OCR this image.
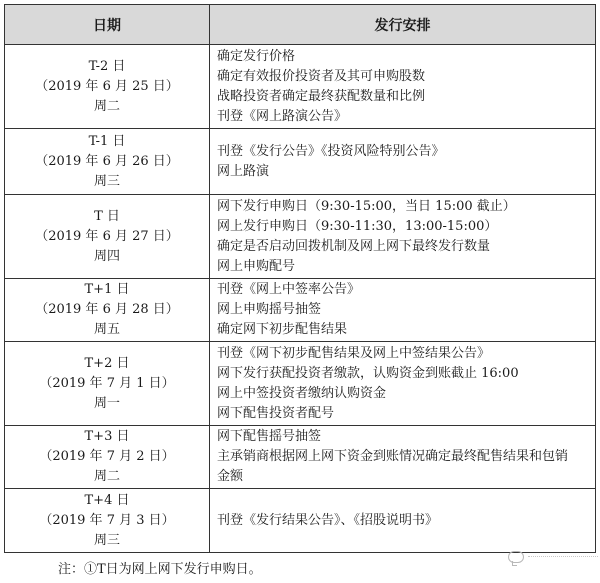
日期	发行安排

T-2 日
（2019 年 6 月 25 日）
周二	确定发行价格
确定有效报价投资者及其可申购股数
战略投资者确定最终获配数量和比例
刊登《网上路演公告》

T-1 日
（2019 年 6 月 26 日）
周三	刊登《发行公告》《投资风险特别公告》
网上路演

T 日
（2019 年 6 月 27 日）
周四	网下发行申购日（9:30-15:00，当日 15:00 截止）
网上发行申购日（9:30-11:30，13:00-15:00）
确定是否启动回拨机制及网上网下最终发行数量
网上申购配号

T+1 日
（2019 年 6 月 28 日）
周五	刊登《网上中签率公告》
网上申购摇号抽签
确定网下初步配售结果

T+2 日
（2019 年 7 月 1 日）
周一	刊登《网下初步配售结果及网上中签结果公告》
网下发行获配投资者缴款，认购资金到账截止 16:00
网上中签投资者缴纳认购资金
网下配售投资者配号

T+3 日
（2019 年 7 月 2 日）
周二	网下配售摇号抽签
主承销商根据网上网下资金到账情况确定最终配售结果和包销
金额

T+4 日
（2019 年 7 月 3 日）
周三	刊登《发行结果公告》、《招股说明书》
注：①T日为网上网下发行申购日。
